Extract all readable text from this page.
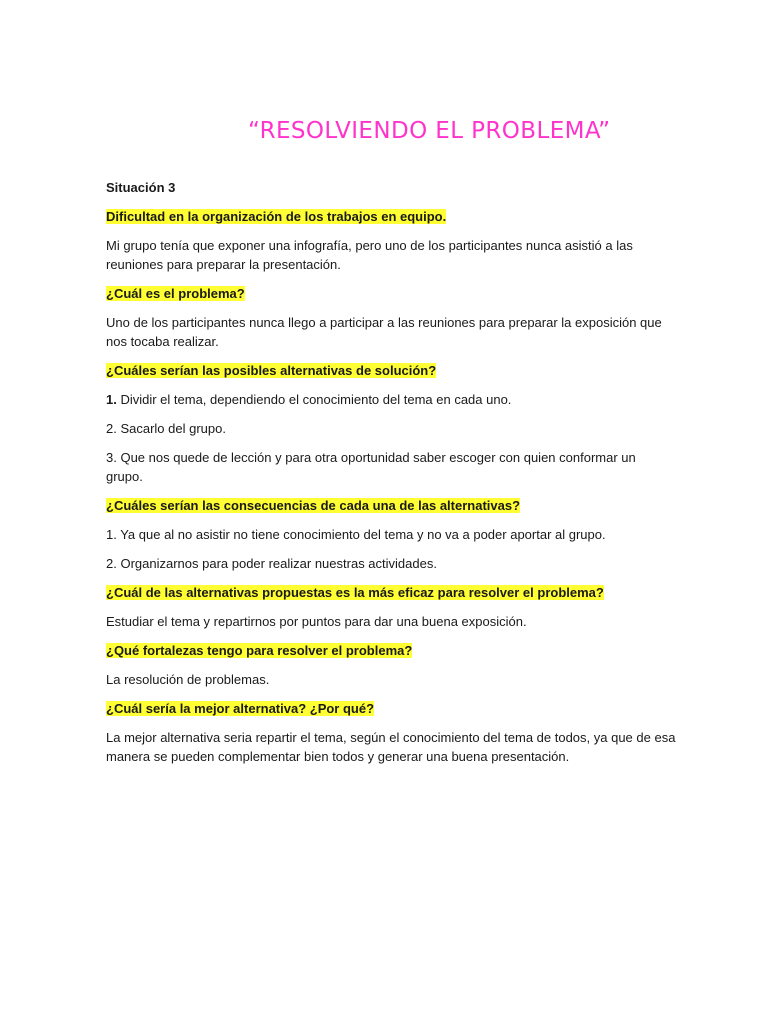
“RESOLVIENDO EL PROBLEMA”

Situación 3

Dificultad en la organización de los trabajos en equipo.

Mi grupo tenía que exponer una infografía, pero uno de los participantes nunca asistió a las reuniones para preparar la presentación.

¿Cuál es el problema?

Uno de los participantes nunca llego a participar a las reuniones para preparar la exposición que nos tocaba realizar.

¿Cuáles serían las posibles alternativas de solución?

1. Dividir el tema, dependiendo el conocimiento del tema en cada uno.

2. Sacarlo del grupo.

3. Que nos quede de lección y para otra oportunidad saber escoger con quien conformar un grupo.

¿Cuáles serían las consecuencias de cada una de las alternativas?

1. Ya que al no asistir no tiene conocimiento del tema y no va a poder aportar al grupo.

2. Organizarnos para poder realizar nuestras actividades.

¿Cuál de las alternativas propuestas es la más eficaz para resolver el problema?

Estudiar el tema y repartirnos por puntos para dar una buena exposición.

¿Qué fortalezas tengo para resolver el problema?

La resolución de problemas.

¿Cuál sería la mejor alternativa? ¿Por qué?

La mejor alternativa seria repartir el tema, según el conocimiento del tema de todos, ya que de esa manera se pueden complementar bien todos y generar una buena presentación.
